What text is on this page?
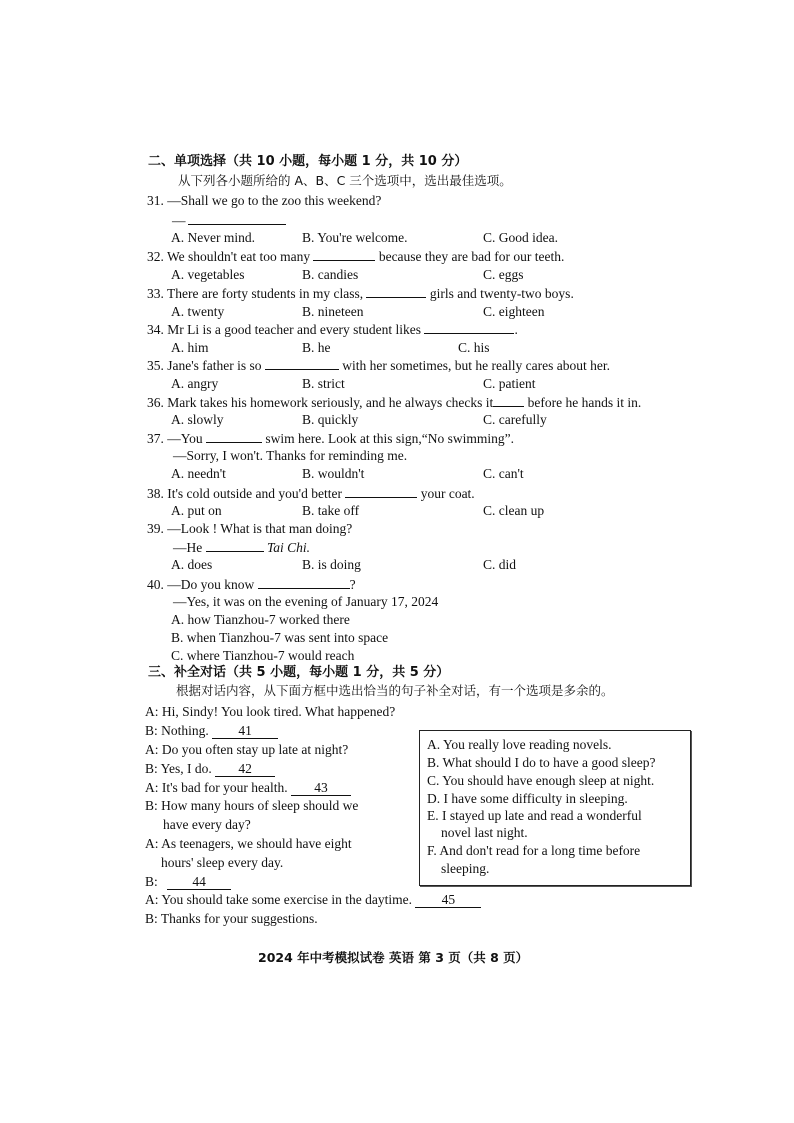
二、单项选择（共 10 小题，每小题 1 分，共 10 分）
从下列各小题所给的 A、B、C 三个选项中，选出最佳选项。
31. —Shall we go to the zoo this weekend?
—
A. Never mind.	B. You're welcome.	C. Good idea.
32. We shouldn't eat too many	because they are bad for our teeth.
A. vegetables	B. candies	C. eggs
33. There are forty students in my class,	girls and twenty-two boys.
A. twenty	B. nineteen	C. eighteen
34. Mr Li is a good teacher and every student likes	.
A. him	B. he	C. his
35. Jane's father is so	with her sometimes, but he really cares about her.
A. angry	B. strict	C. patient
36. Mark takes his homework seriously, and he always checks it	before he hands it in.
A. slowly	B. quickly	C. carefully
37. —You	swim here. Look at this sign,“No swimming”.
—Sorry, I won't. Thanks for reminding me.
A. needn't	B. wouldn't	C. can't
38. It's cold outside and you'd better	your coat.
A. put on	B. take off	C. clean up
39. —Look ! What is that man doing?
—He	Tai Chi.
A. does	B. is doing	C. did
40. —Do you know	?
—Yes, it was on the evening of January 17, 2024
A. how Tianzhou-7 worked there
B. when Tianzhou-7 was sent into space
C. where Tianzhou-7 would reach
三、补全对话（共 5 小题，每小题 1 分，共 5 分）
根据对话内容，从下面方框中选出恰当的句子补全对话，有一个选项是多余的。
A: Hi, Sindy! You look tired. What happened?
B: Nothing. 41
A: Do you often stay up late at night?
B: Yes, I do. 42
A: It's bad for your health. 43
B: How many hours of sleep should we
have every day?
A: As teenagers, we should have eight
hours' sleep every day.
B:	44
A: You should take some exercise in the daytime. 45
B: Thanks for your suggestions.
A. You really love reading novels.
B. What should I do to have a good sleep?
C. You should have enough sleep at night.
D. I have some difficulty in sleeping.
E. I stayed up late and read a wonderful
novel last night.
F. And don't read for a long time before
sleeping.
2024 年中考模拟试卷 英语 第 3 页（共 8 页）
